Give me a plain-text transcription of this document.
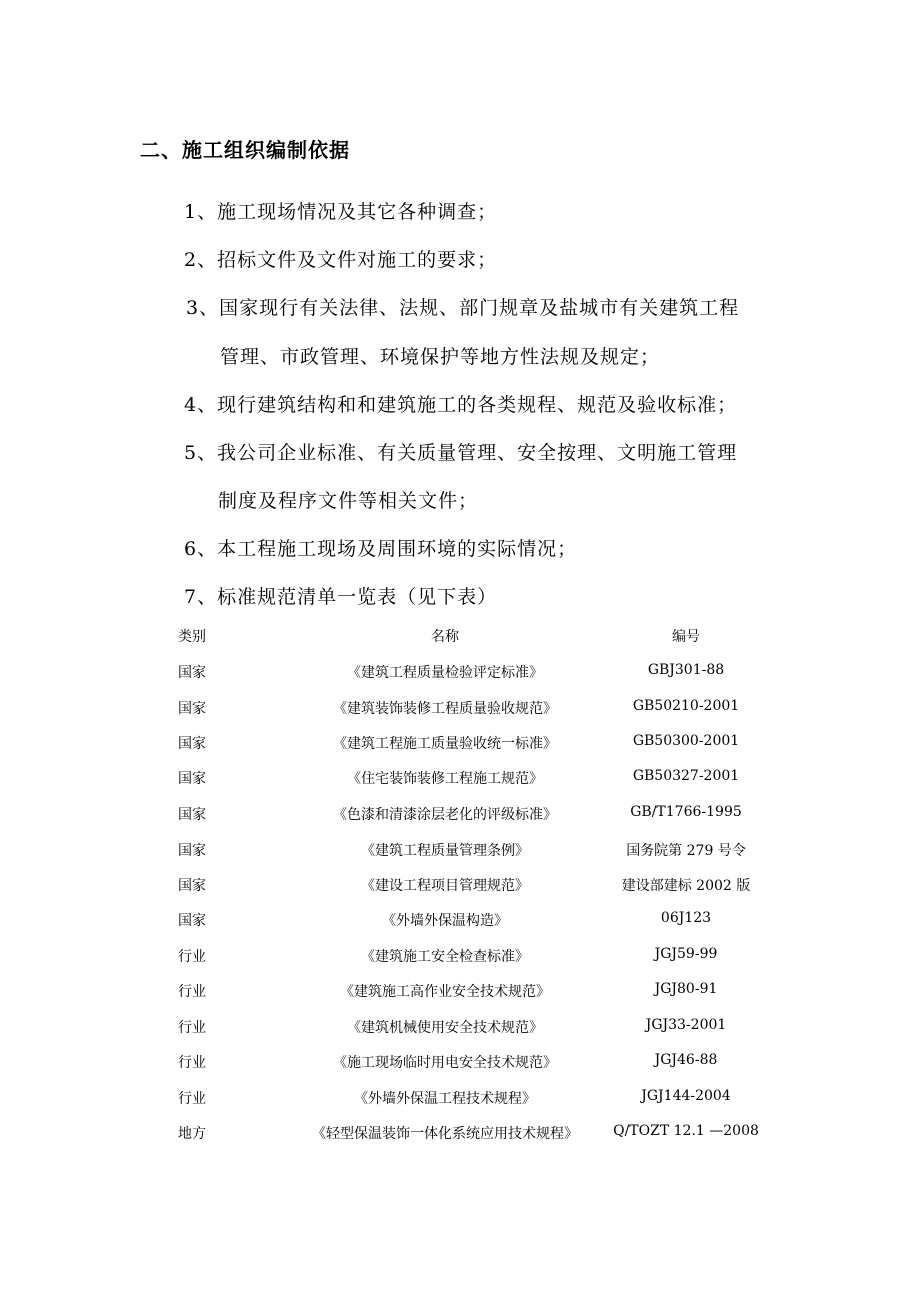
二、施工组织编制依据
1、施工现场情况及其它各种调查；
2、招标文件及文件对施工的要求；
3、国家现行有关法律、法规、部门规章及盐城市有关建筑工程
管理、市政管理、环境保护等地方性法规及规定；
4、现行建筑结构和和建筑施工的各类规程、规范及验收标准；
5、我公司企业标准、有关质量管理、安全按理、文明施工管理
制度及程序文件等相关文件；
6、本工程施工现场及周围环境的实际情况；
7、标准规范清单一览表（见下表）
类别	名称	编号
国家	《建筑工程质量检验评定标准》	GBJ301-88
国家	《建筑装饰装修工程质量验收规范》	GB50210-2001
国家	《建筑工程施工质量验收统一标准》	GB50300-2001
国家	《住宅装饰装修工程施工规范》	GB50327-2001
国家	《色漆和清漆涂层老化的评级标准》	GB/T1766-1995
国家	《建筑工程质量管理条例》	国务院第 279 号令
国家	《建设工程项目管理规范》	建设部建标 2002 版
国家	《外墙外保温构造》	06J123
行业	《建筑施工安全检查标准》	JGJ59-99
行业	《建筑施工高作业安全技术规范》	JGJ80-91
行业	《建筑机械使用安全技术规范》	JGJ33-2001
行业	《施工现场临时用电安全技术规范》	JGJ46-88
行业	《外墙外保温工程技术规程》	JGJ144-2004
地方	《轻型保温装饰一体化系统应用技术规程》	Q/TOZT 12.1 —2008
